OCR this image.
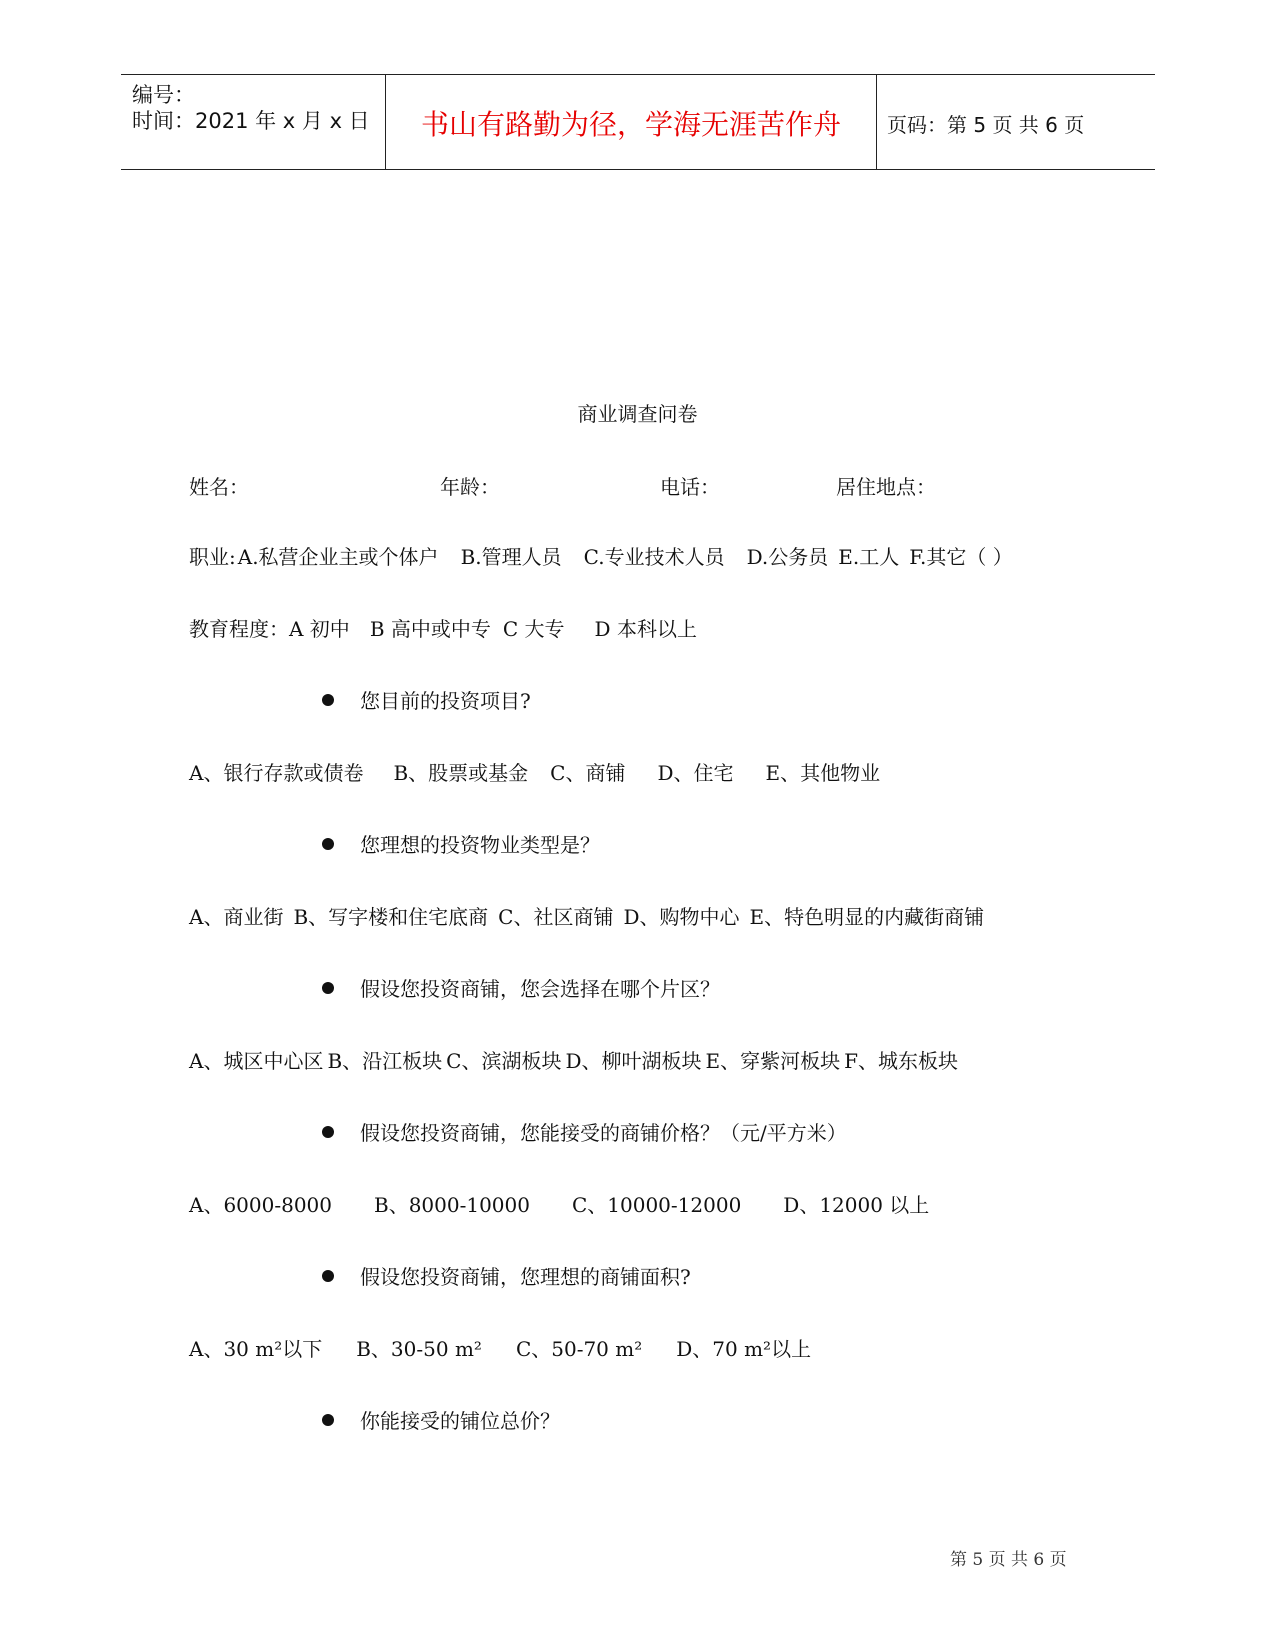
编号：
时间：2021 年 x 月 x 日	书山有路勤为径，学海无涯苦作舟	页码：第 5 页 共 6 页
商业调查问卷
姓名：	年龄：	电话：	居住地点：
职业: A.私营企业主或个体户 B.管理人员 C.专业技术人员 D.公务员 E.工人 F.其它（ ）
教育程度：A 初中 B 高中或中专 C 大专 D 本科以上
您目前的投资项目?
A、银行存款或债卷 B、股票或基金 C、商铺 D、住宅 E、其他物业
您理想的投资物业类型是？
A、商业街 B、写字楼和住宅底商 C、社区商铺 D、购物中心 E、特色明显的内藏街商铺
假设您投资商铺，您会选择在哪个片区？
A、城区中心区 B、沿江板块 C、滨湖板块 D、柳叶湖板块 E、穿紫河板块 F、城东板块
假设您投资商铺，您能接受的商铺价格？（元/平方米）
A、6000-8000 B、8000-10000 C、10000-12000 D、12000 以上
假设您投资商铺，您理想的商铺面积?
A、30 m²以下 B、30-50 m² C、50-70 m² D、70 m²以上
你能接受的铺位总价？
第 5 页 共 6 页
